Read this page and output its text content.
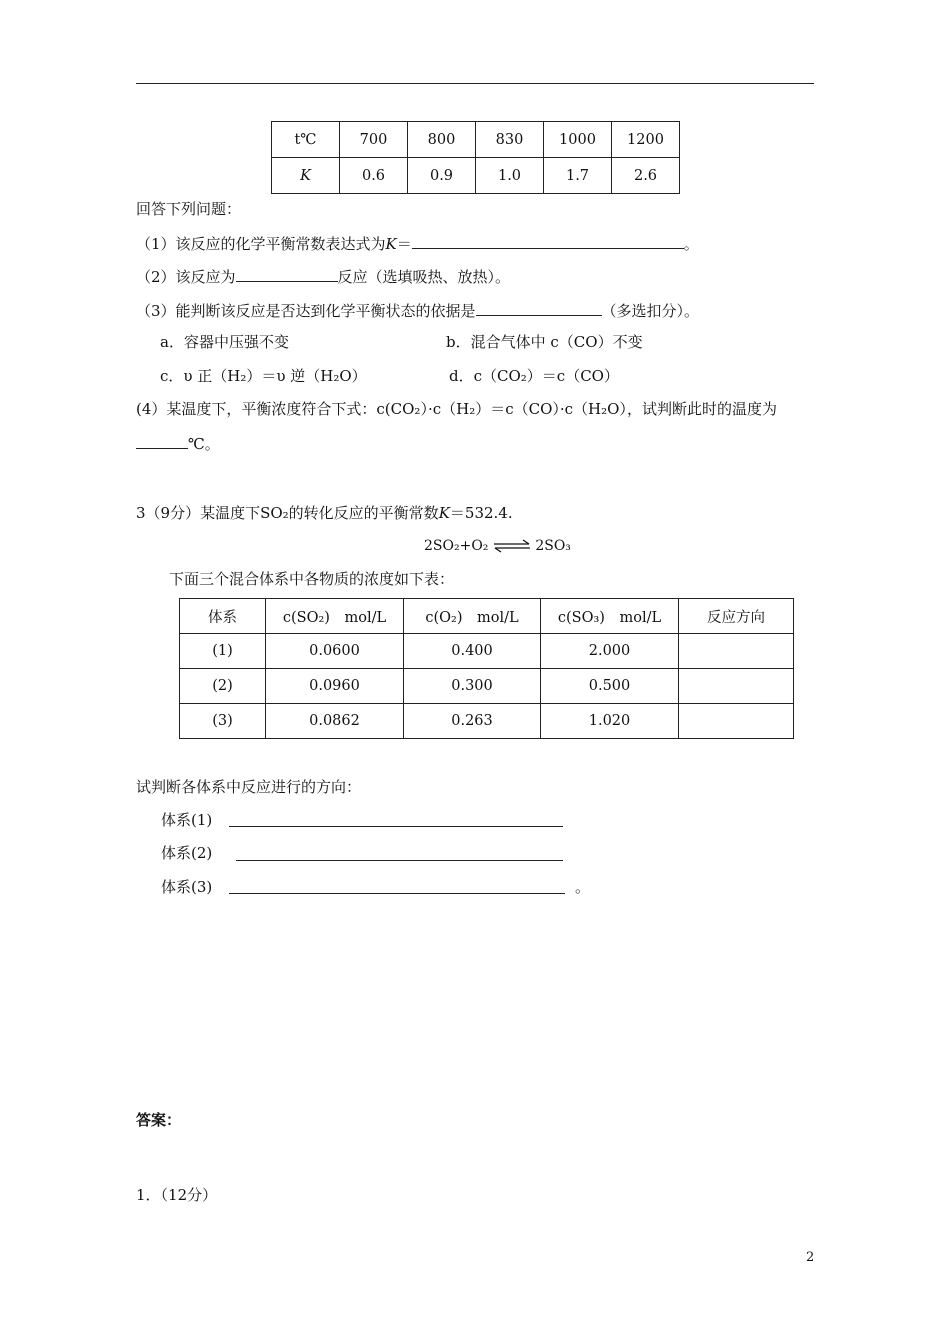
t℃	700	800	830	1000	1200
K	0.6	0.9	1.0	1.7	2.6
回答下列问题：
（1）该反应的化学平衡常数表达式为K＝	。
（2）该反应为	反应（选填吸热、放热）。
（3）能判断该反应是否达到化学平衡状态的依据是	（多选扣分）。
a．容器中压强不变	b．混合气体中 c（CO）不变
c．υ 正（H₂）＝υ 逆（H₂O）	d．c（CO₂）＝c（CO）
(4）某温度下，平衡浓度符合下式：c(CO₂）·c（H₂）＝c（CO）·c（H₂O），试判断此时的温度为
℃。
3（9分）某温度下SO₂的转化反应的平衡常数K＝532.4.
2SO₂+O₂ ⇌ 2SO₃
下面三个混合体系中各物质的浓度如下表：
体系	c(SO₂)　mol/L	c(O₂)　mol/L	c(SO₃)　mol/L	反应方向
(1)	0.0600	0.400	2.000	
(2)	0.0960	0.300	0.500	
(3)	0.0862	0.263	1.020	
试判断各体系中反应进行的方向：
体系(1)
体系(2)
体系(3)	。
答案：
1．（12分）
2
